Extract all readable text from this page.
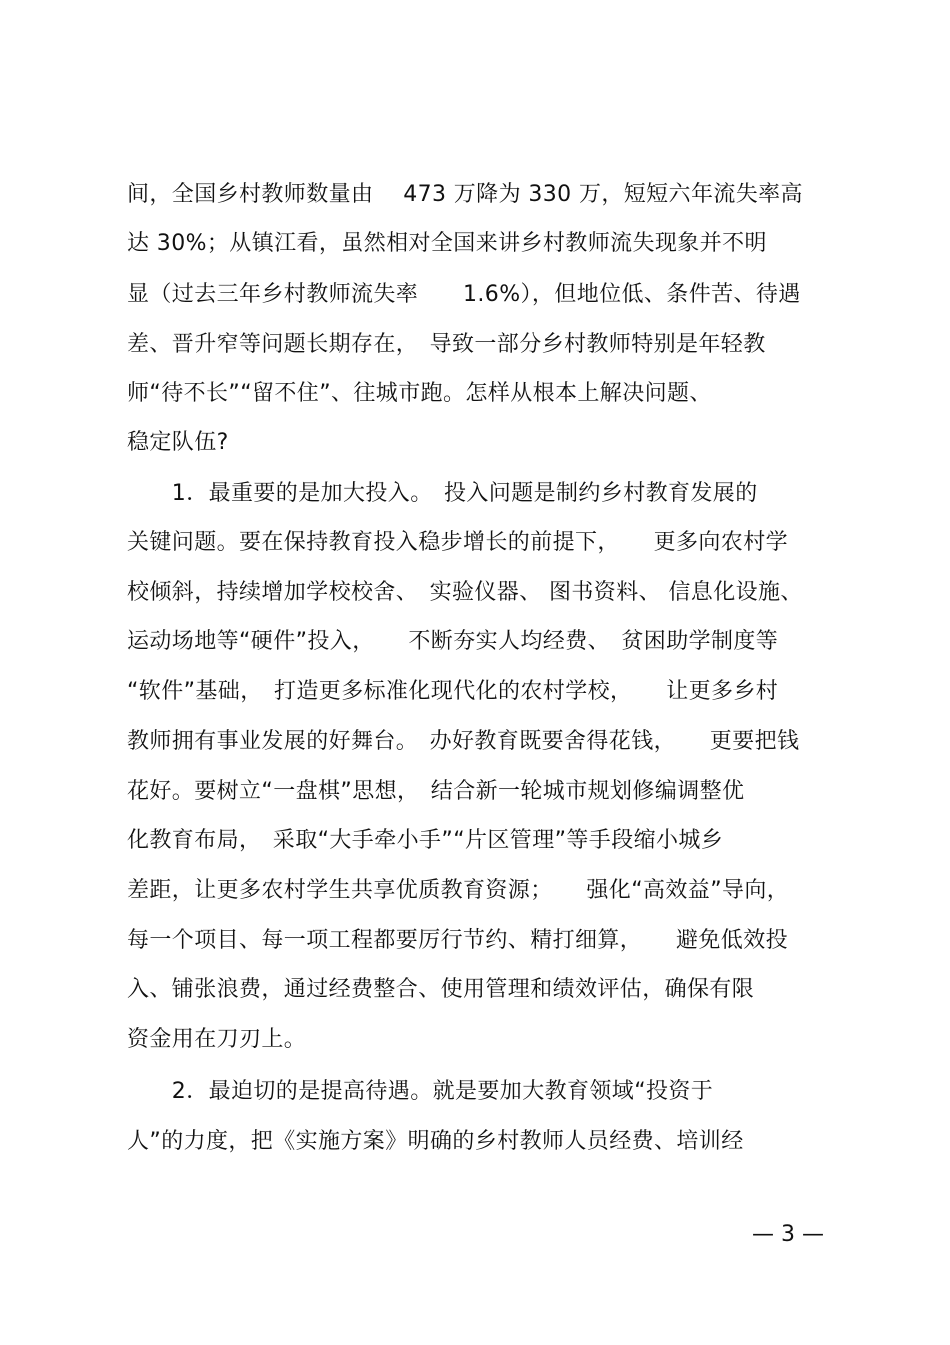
间，全国乡村教师数量由　 473 万降为 330 万，短短六年流失率高
达 30%；从镇江看，虽然相对全国来讲乡村教师流失现象并不明
显（过去三年乡村教师流失率　　1.6%），但地位低、条件苦、待遇
差、晋升窄等问题长期存在，　导致一部分乡村教师特别是年轻教
师“待不长”“留不住”、往城市跑。怎样从根本上解决问题、
稳定队伍?
　　1．最重要的是加大投入。　投入问题是制约乡村教育发展的
关键问题。要在保持教育投入稳步增长的前提下，　　更多向农村学
校倾斜，持续增加学校校舍、　实验仪器、 图书资料、 信息化设施、
运动场地等“硬件”投入，　　不断夯实人均经费、　贫困助学制度等
“软件”基础，　打造更多标准化现代化的农村学校，　　让更多乡村
教师拥有事业发展的好舞台。　办好教育既要舍得花钱，　　更要把钱
花好。要树立“一盘棋”思想，　结合新一轮城市规划修编调整优
化教育布局，　采取“大手牵小手”“片区管理”等手段缩小城乡
差距，让更多农村学生共享优质教育资源；　　强化“高效益”导向，
每一个项目、每一项工程都要厉行节约、精打细算，　　避免低效投
入、铺张浪费，通过经费整合、使用管理和绩效评估，确保有限
资金用在刀刃上。
　　2．最迫切的是提高待遇。就是要加大教育领域“投资于
人”的力度，把《实施方案》明确的乡村教师人员经费、培训经
— 3 —
